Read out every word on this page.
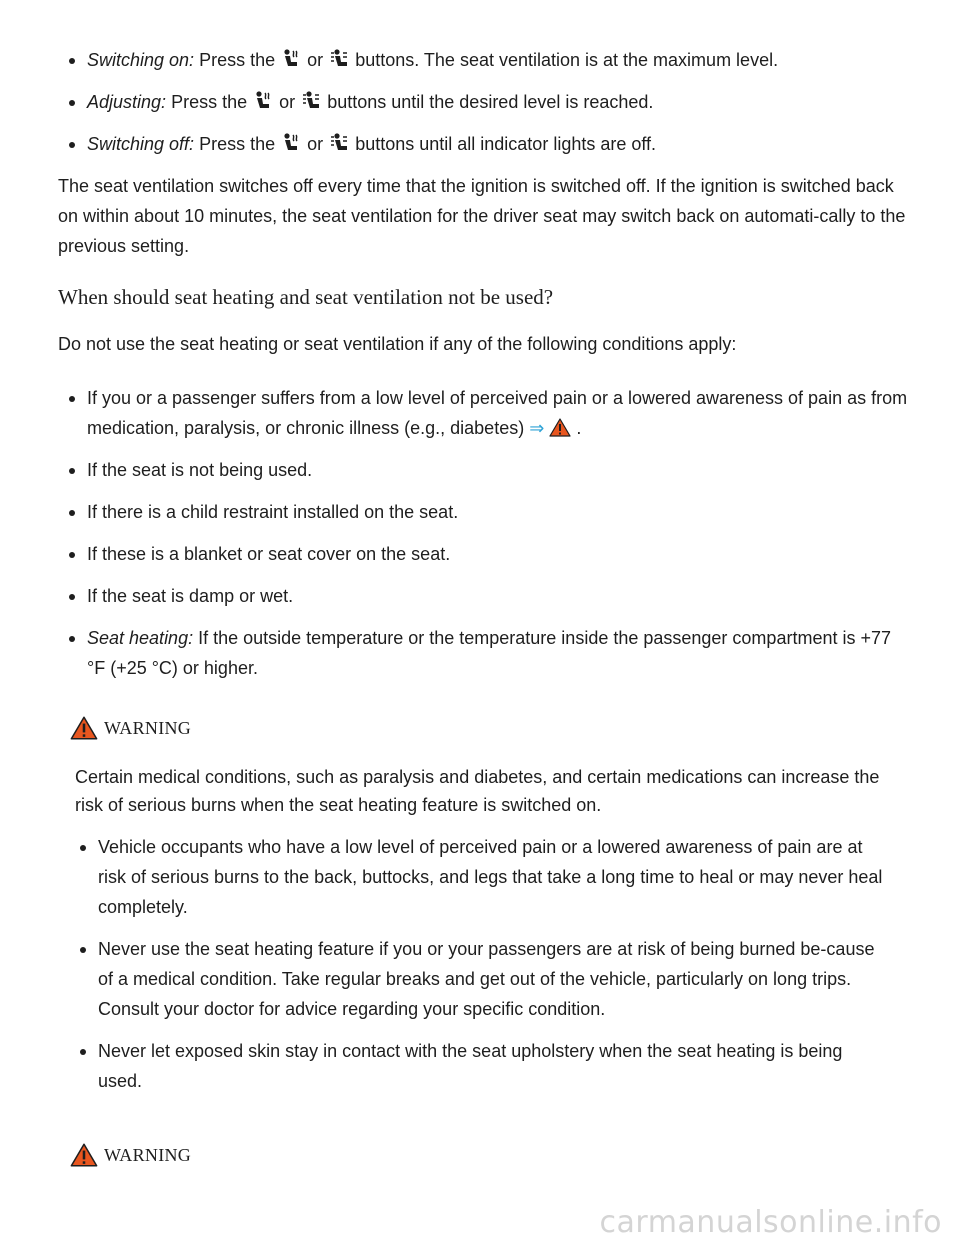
Switching on: Press the or buttons. The seat ventilation is at the maximum level.
Adjusting: Press the or buttons until the desired level is reached.
Switching off: Press the or buttons until all indicator lights are off.

The seat ventilation switches off every time that the ignition is switched off. If the ignition is switched back on within about 10 minutes, the seat ventilation for the driver seat may switch back on automati-cally to the previous setting.

When should seat heating and seat ventilation not be used?

Do not use the seat heating or seat ventilation if any of the following conditions apply:

If you or a passenger suffers from a low level of perceived pain or a lowered awareness of pain as from medication, paralysis, or chronic illness (e.g., diabetes) ⇒ .
If the seat is not being used.
If there is a child restraint installed on the seat.
If these is a blanket or seat cover on the seat.
If the seat is damp or wet.
Seat heating: If the outside temperature or the temperature inside the passenger compartment is +77 °F (+25 °C) or higher.
WARNING

Certain medical conditions, such as paralysis and diabetes, and certain medications can increase the risk of serious burns when the seat heating feature is switched on.

Vehicle occupants who have a low level of perceived pain or a lowered awareness of pain are at risk of serious burns to the back, buttocks, and legs that take a long time to heal or may never heal completely.
Never use the seat heating feature if you or your passengers are at risk of being burned be-cause of a medical condition. Take regular breaks and get out of the vehicle, particularly on long trips. Consult your doctor for advice regarding your specific condition.
Never let exposed skin stay in contact with the seat upholstery when the seat heating is being used.
WARNING
carmanualsonline.info
